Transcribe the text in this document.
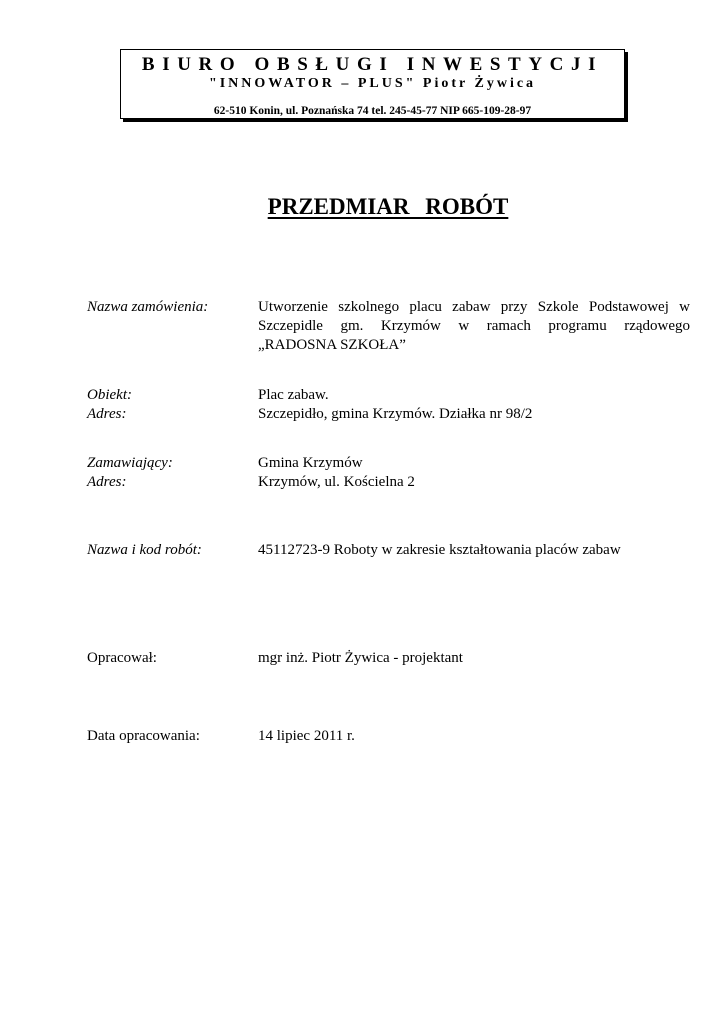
BIURO OBSŁUGI INWESTYCJI
"INNOWATOR – PLUS" Piotr Żywica
62-510 Konin, ul. Poznańska 74 tel. 245-45-77 NIP 665-109-28-97
PRZEDMIAR ROBÓT
Nazwa zamówienia:	Utworzenie szkolnego placu zabaw przy Szkole Podstawowej w Szczepidle gm. Krzymów w ramach programu rządowego „RADOSNA SZKOŁA”
Obiekt:	Plac zabaw.
Adres:	Szczepidło, gmina Krzymów. Działka nr 98/2
Zamawiający:	Gmina Krzymów
Adres:	Krzymów, ul. Kościelna 2
Nazwa i kod robót:	45112723-9 Roboty w zakresie kształtowania placów zabaw
Opracował:	mgr inż. Piotr Żywica - projektant
Data opracowania:	14 lipiec 2011 r.
